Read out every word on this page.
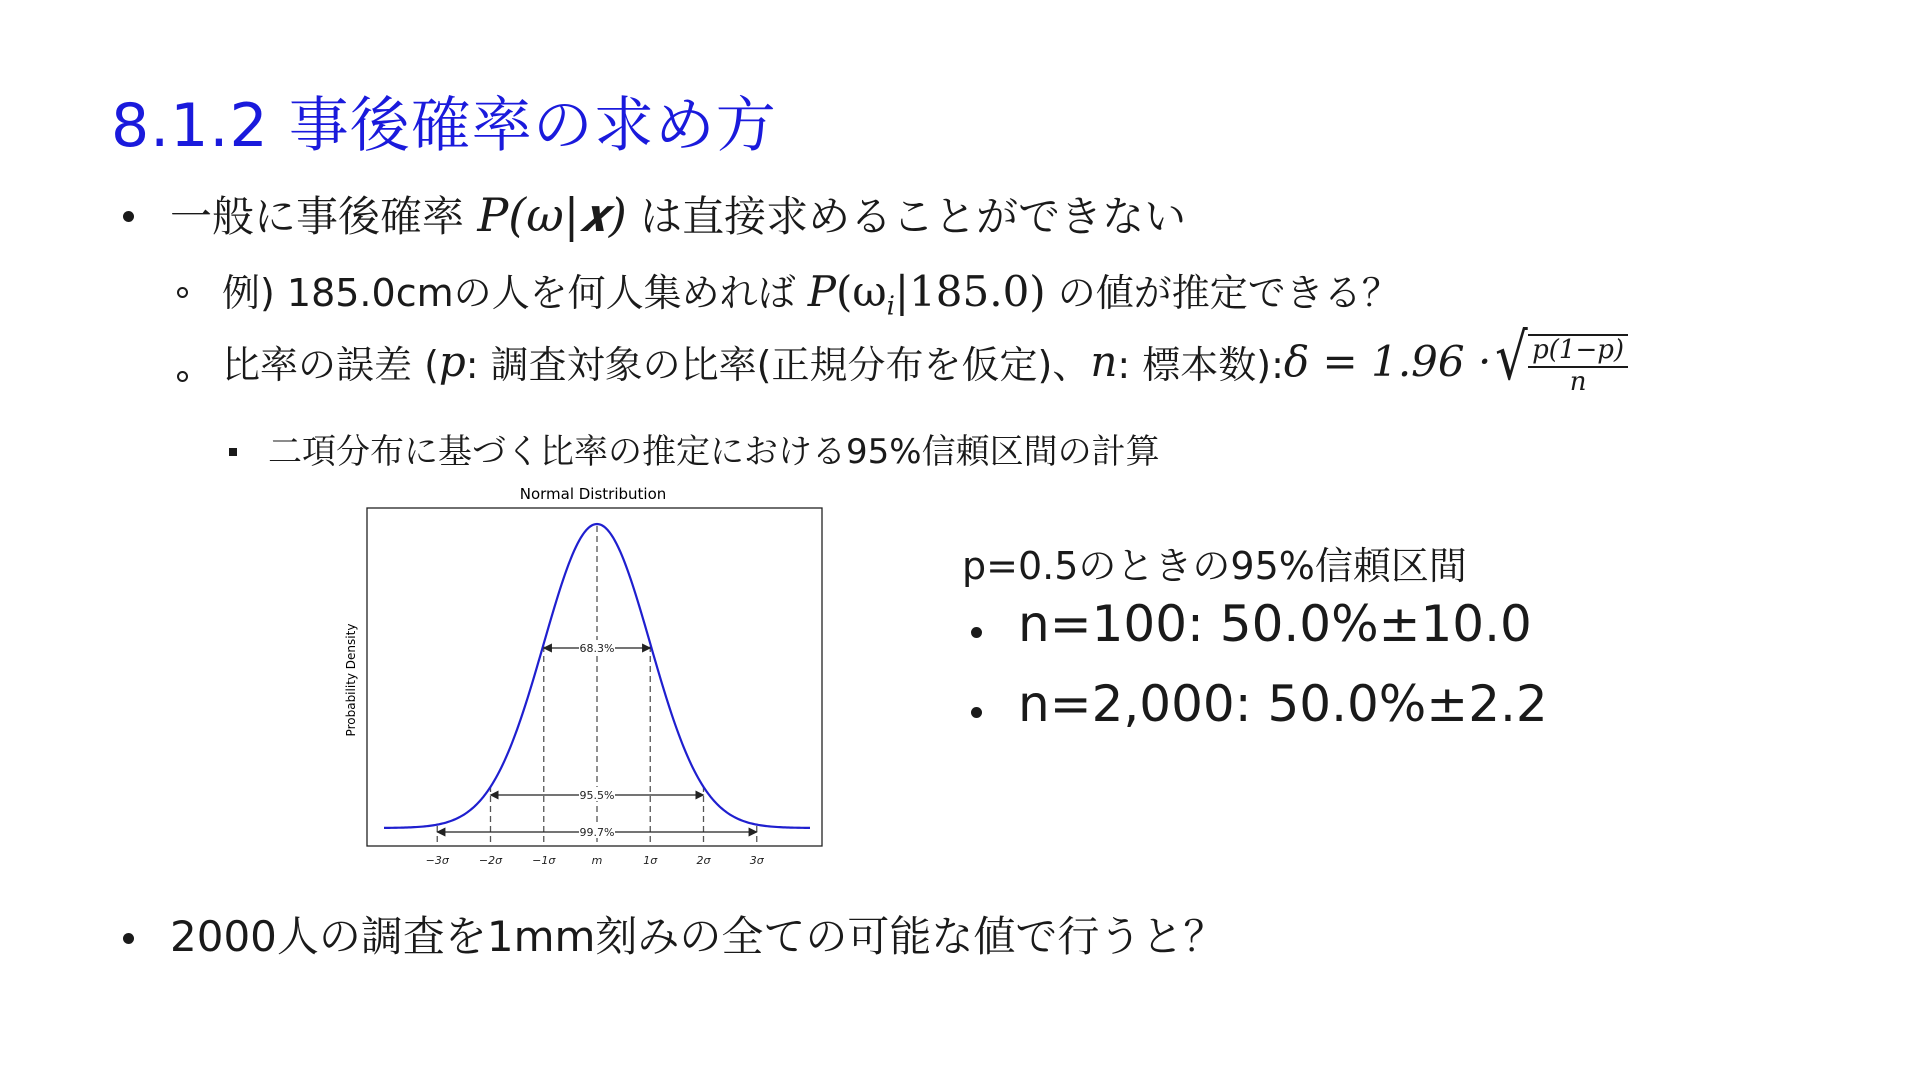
8.1.2 事後確率の求め方
一般に事後確率 P(ω|𝒙) は直接求めることができない
例) 185.0cmの人を何人集めれば $P(\omega_i|185.0)$ の値が推定できる？
比率の誤差 ( p : 調査対象の比率(正規分布を仮定)、 n : 標本数): δ = 1.96 · √ $\frac{p(1-p)}{n}$
二項分布に基づく比率の推定における95%信頼区間の計算
Normal Distribution
Probability Density	68.3%
95.5%
99.7%
−3σ	−2σ	−1σ	m	1σ	2σ	3σ
p=0.5のときの95%信頼区間
n=100: 50.0%±10.0
n=2,000: 50.0%±2.2
2000人の調査を1mm刻みの全ての可能な値で行うと？
